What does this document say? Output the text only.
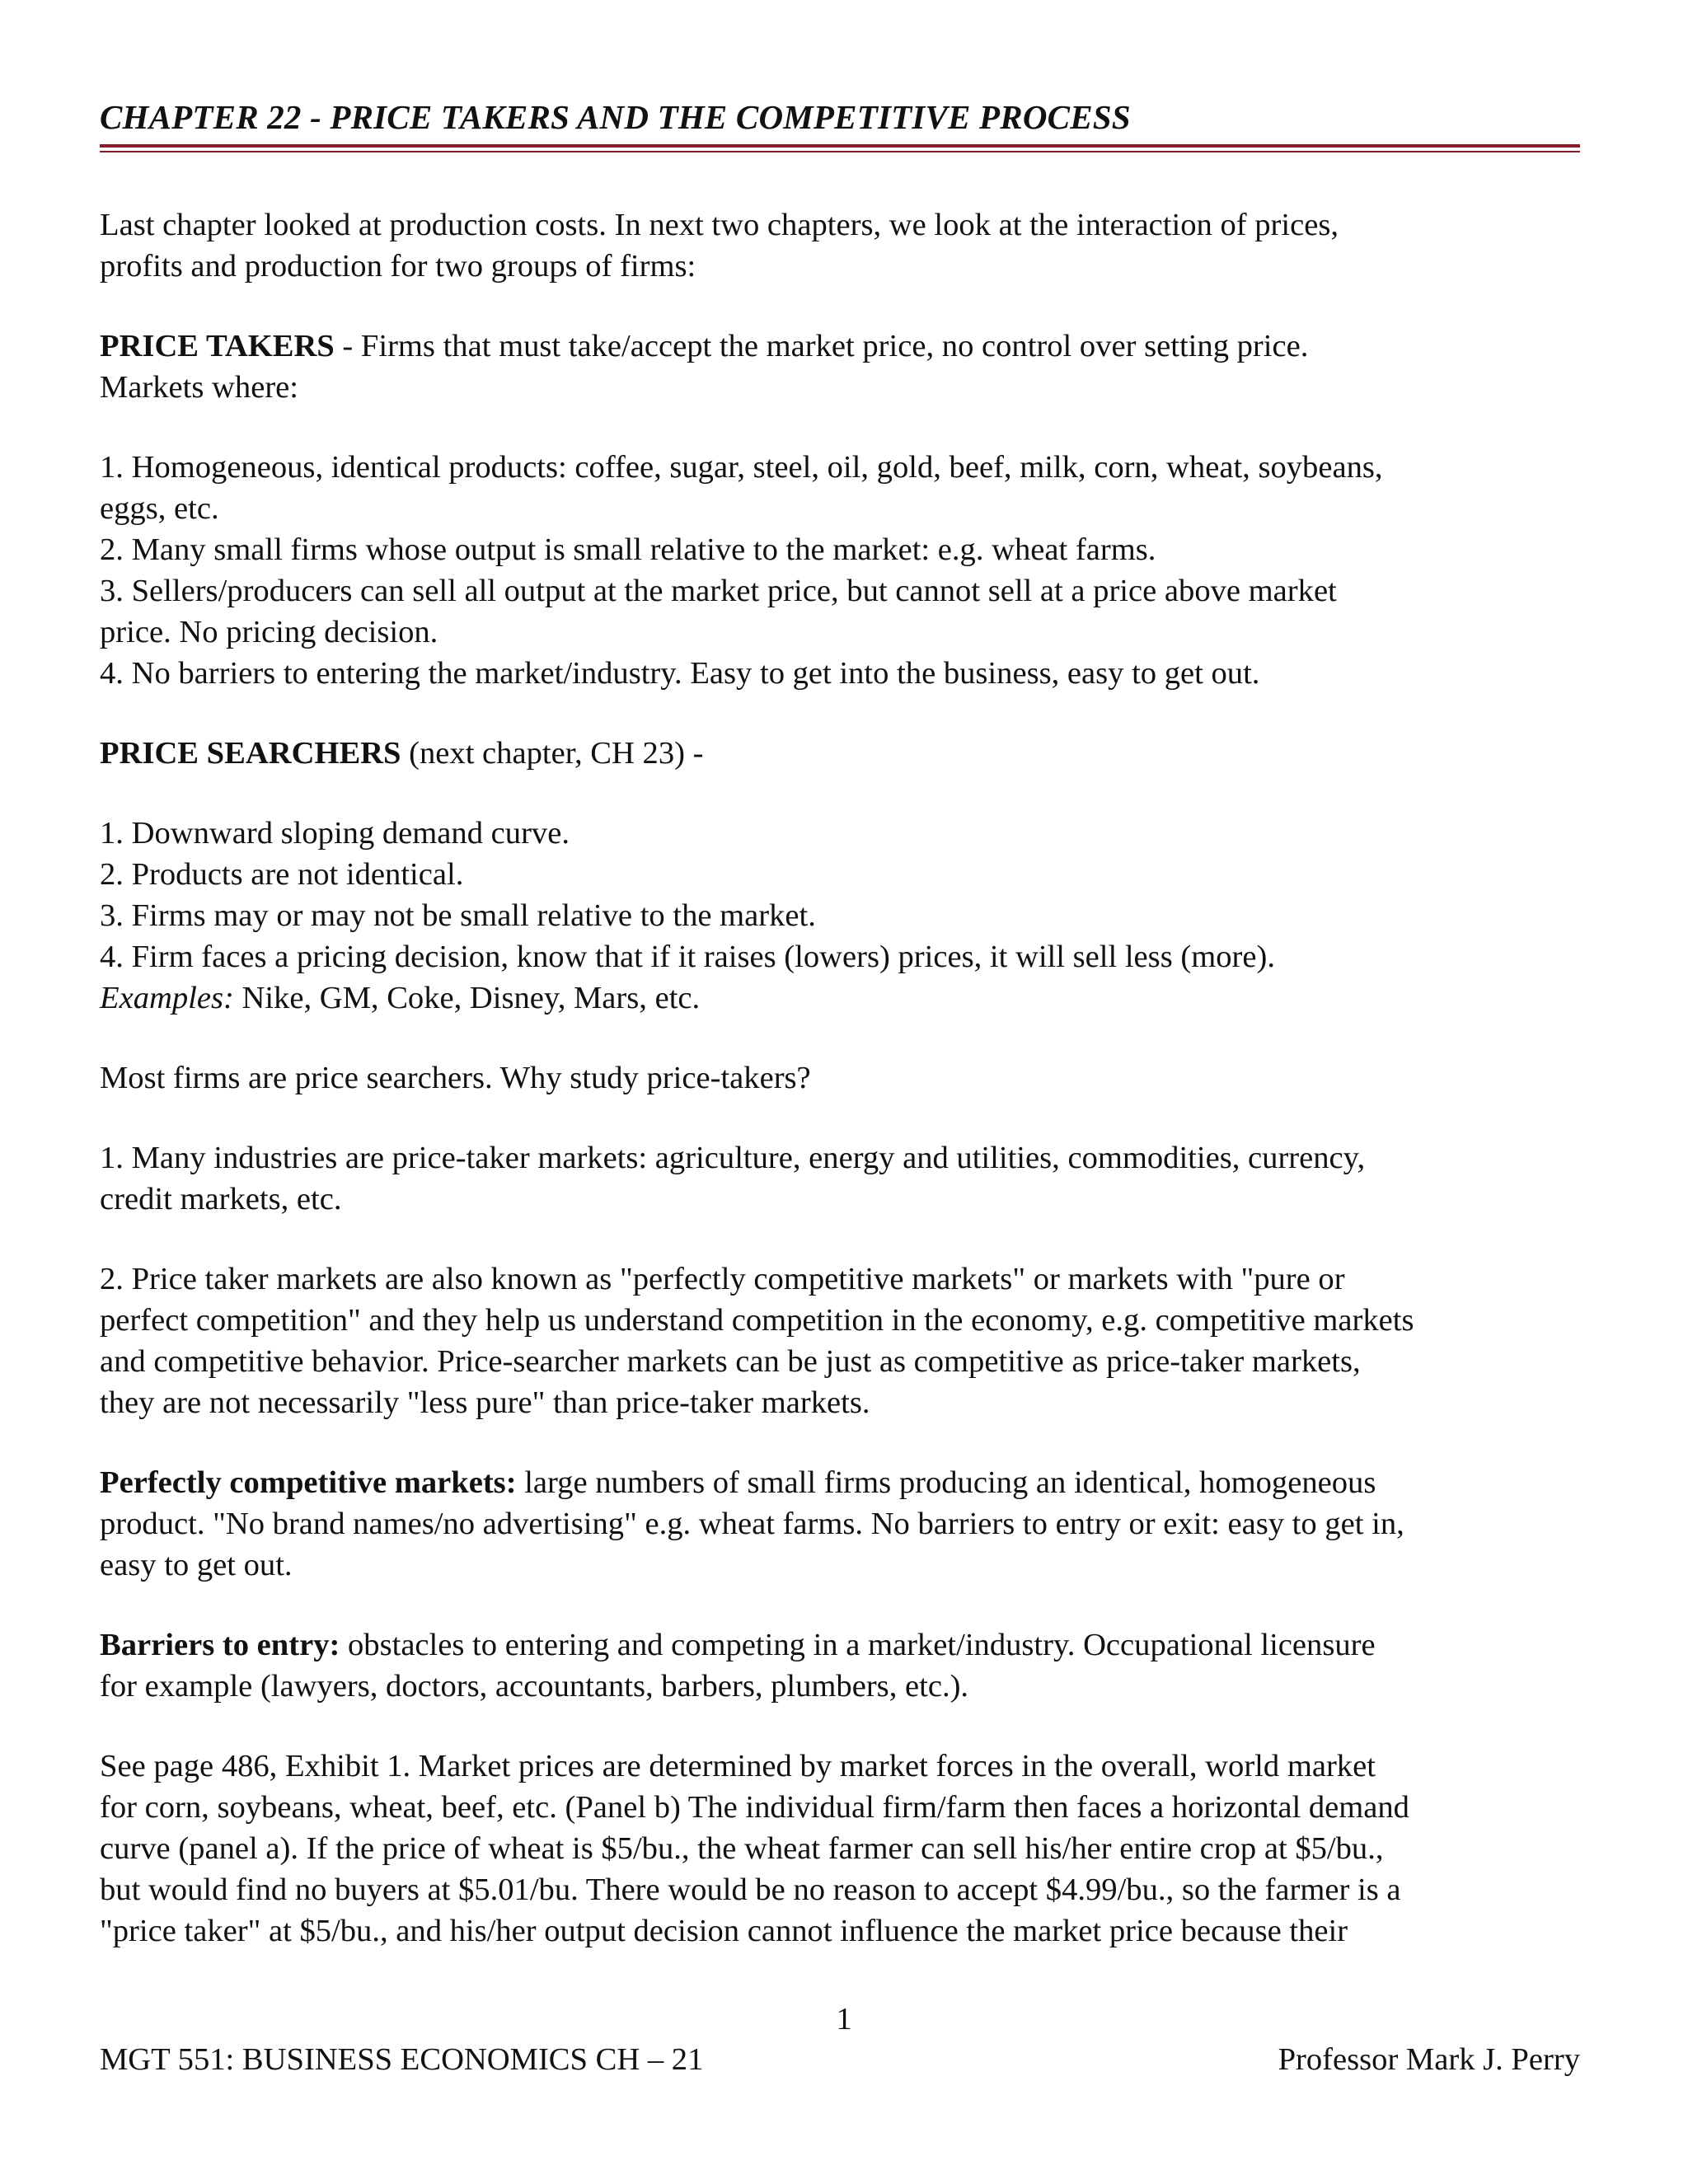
CHAPTER 22 - PRICE TAKERS AND THE COMPETITIVE PROCESS
Last chapter looked at production costs. In next two chapters, we look at the interaction of prices,
profits and production for two groups of firms:
PRICE TAKERS - Firms that must take/accept the market price, no control over setting price.
Markets where:
1. Homogeneous, identical products: coffee, sugar, steel, oil, gold, beef, milk, corn, wheat, soybeans,
eggs, etc.
2. Many small firms whose output is small relative to the market: e.g. wheat farms.
3. Sellers/producers can sell all output at the market price, but cannot sell at a price above market
price. No pricing decision.
4. No barriers to entering the market/industry. Easy to get into the business, easy to get out.
PRICE SEARCHERS (next chapter, CH 23) -
1. Downward sloping demand curve.
2. Products are not identical.
3. Firms may or may not be small relative to the market.
4. Firm faces a pricing decision, know that if it raises (lowers) prices, it will sell less (more).
Examples: Nike, GM, Coke, Disney, Mars, etc.
Most firms are price searchers. Why study price-takers?
1. Many industries are price-taker markets: agriculture, energy and utilities, commodities, currency,
credit markets, etc.
2. Price taker markets are also known as "perfectly competitive markets" or markets with "pure or
perfect competition" and they help us understand competition in the economy, e.g. competitive markets
and competitive behavior. Price-searcher markets can be just as competitive as price-taker markets,
they are not necessarily "less pure" than price-taker markets.
Perfectly competitive markets: large numbers of small firms producing an identical, homogeneous
product. "No brand names/no advertising" e.g. wheat farms. No barriers to entry or exit: easy to get in,
easy to get out.
Barriers to entry: obstacles to entering and competing in a market/industry. Occupational licensure
for example (lawyers, doctors, accountants, barbers, plumbers, etc.).
See page 486, Exhibit 1. Market prices are determined by market forces in the overall, world market
for corn, soybeans, wheat, beef, etc. (Panel b) The individual firm/farm then faces a horizontal demand
curve (panel a). If the price of wheat is $5/bu., the wheat farmer can sell his/her entire crop at $5/bu.,
but would find no buyers at $5.01/bu. There would be no reason to accept $4.99/bu., so the farmer is a
"price taker" at $5/bu., and his/her output decision cannot influence the market price because their
1
MGT 551: BUSINESS ECONOMICS CH – 21	Professor Mark J. Perry
